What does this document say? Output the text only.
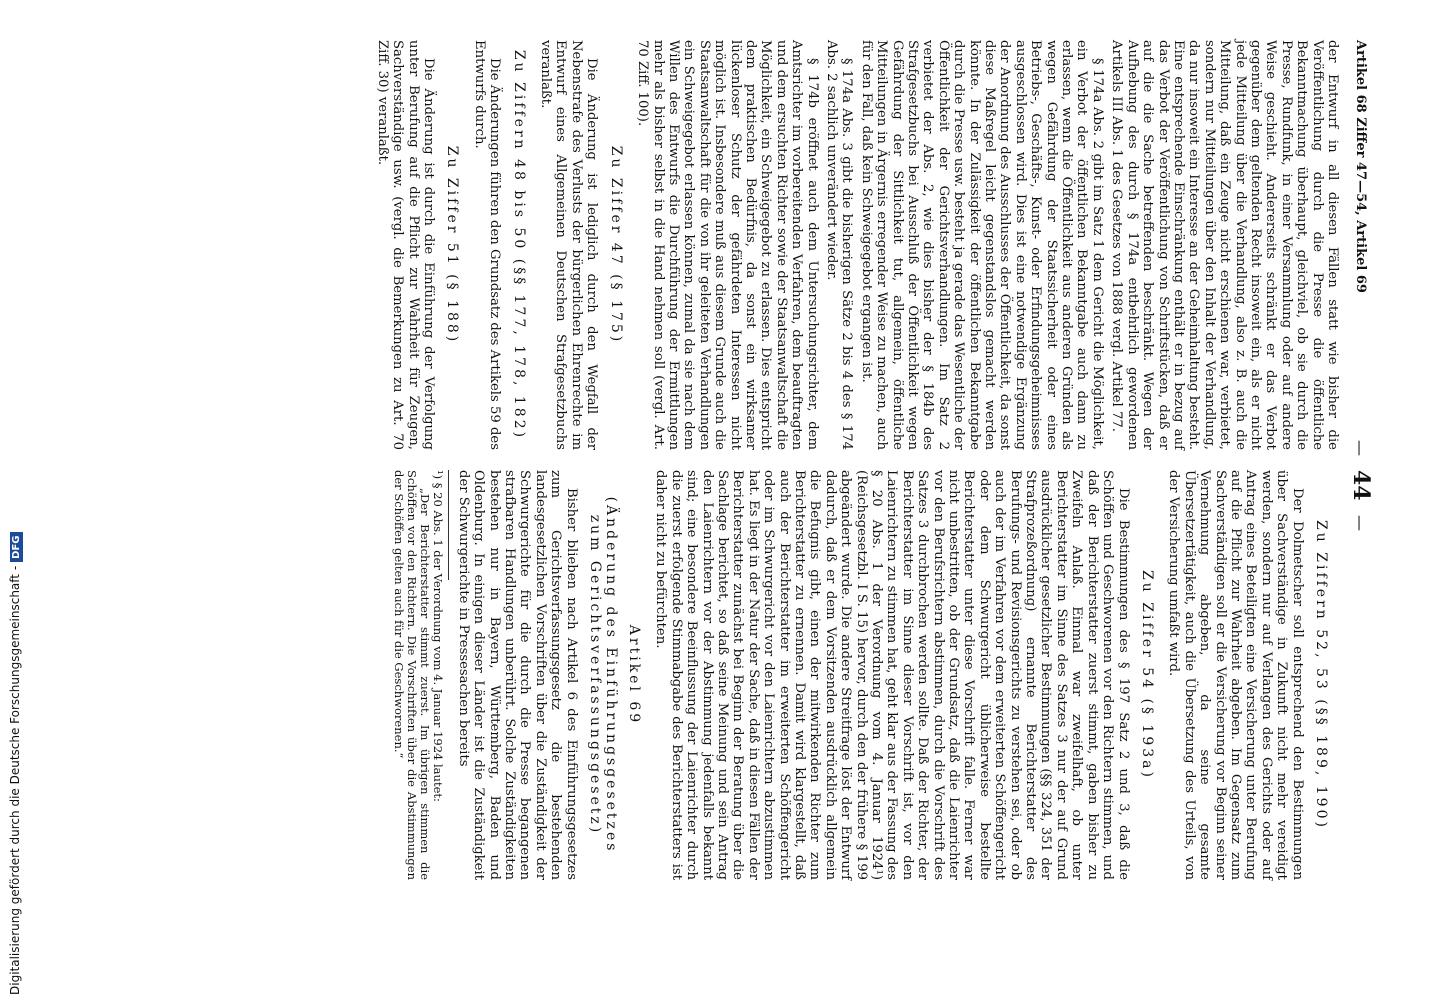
Artikel 68 Ziffer 47—54, Artikel 69
—
44
—

der Entwurf in all diesen Fällen statt wie bisher die Veröffentlichung durch die Presse die öffentliche Bekanntmachung überhaupt, gleichviel, ob sie durch die Presse, Rundfunk, in einer Versammlung oder auf andere Weise geschieht. Andererseits schränkt er das Verbot gegenüber dem geltenden Recht insoweit ein, als er nicht jede Mitteilung über die Verhandlung, also z. B. auch die Mitteilung, daß ein Zeuge nicht erschienen war, verbietet, sondern nur Mitteilungen über den Inhalt der Verhandlung, da nur insoweit ein Interesse an der Geheimhaltung besteht. Eine entsprechende Einschränkung enthält er in bezug auf das Verbot der Veröffentlichung von Schriftstücken, daß er auf die die Sache betreffenden beschränkt. Wegen der Aufhebung des durch § 174a entbehrlich gewordenen Artikels III Abs. 1 des Gesetzes von 1888 vergl. Artikel 77.

§ 174a Abs. 2 gibt im Satz 1 dem Gericht die Möglichkeit, ein Verbot der öffentlichen Bekanntgabe auch dann zu erlassen, wenn die Öffentlichkeit aus anderen Gründen als wegen Gefährdung der Staatssicherheit oder eines Betriebs-, Geschäfts-, Kunst- oder Erfindungsgeheimnisses ausgeschlossen wird. Dies ist eine notwendige Ergänzung der Anordnung des Ausschlusses der Öffentlichkeit, da sonst diese Maßregel leicht gegenstandslos gemacht werden könnte. In der Zulässigkeit der öffentlichen Bekanntgabe durch die Presse usw. besteht ja gerade das Wesentliche der Öffentlichkeit der Gerichtsverhandlungen. Im Satz 2 verbietet der Abs. 2, wie dies bisher der § 184b des Strafgesetzbuchs bei Ausschluß der Öffentlichkeit wegen Gefährdung der Sittlichkeit tut, allgemein, öffentliche Mitteilungen in Ärgernis erregender Weise zu machen, auch für den Fall, daß kein Schweigegebot ergangen ist.

§ 174a Abs. 3 gibt die bisherigen Sätze 2 bis 4 des § 174 Abs. 2 sachlich unverändert wieder.

§ 174b eröffnet auch dem Untersuchungsrichter, dem Amtsrichter im vorbereitenden Verfahren, dem beauftragten und dem ersuchten Richter sowie der Staatsanwaltschaft die Möglichkeit, ein Schweigegebot zu erlassen. Dies entspricht dem praktischen Bedürfnis, da sonst ein wirksamer lückenloser Schutz der gefährdeten Interessen nicht möglich ist. Insbesondere muß aus diesem Grunde auch die Staatsanwaltschaft für die von ihr geleiteten Verhandlungen ein Schweigegebot erlassen können, zumal da sie nach dem Willen des Entwurfs die Durchführung der Ermittlungen mehr als bisher selbst in die Hand nehmen soll (vergl. Art. 70 Ziff. 100).

Zu Ziffer 47 (§ 175)

Die Änderung ist lediglich durch den Wegfall der Nebenstrafe des Verlusts der bürgerlichen Ehrenrechte im Entwurf eines Allgemeinen Deutschen Strafgesetzbuchs veranlaßt.

Zu Ziffern 48 bis 50 (§§ 177, 178, 182)

Die Änderungen führen den Grundsatz des Artikels 59 des Entwurfs durch.

Zu Ziffer 51 (§ 188)

Die Änderung ist durch die Einführung der Verfolgung unter Berufung auf die Pflicht zur Wahrheit für Zeugen, Sachverständige usw. (vergl. die Bemerkungen zu Art. 70 Ziff. 30) veranlaßt.

Zu Ziffern 52, 53 (§§ 189, 190)

Der Dolmetscher soll entsprechend den Bestimmungen über Sachverständige in Zukunft nicht mehr vereidigt werden, sondern nur auf Verlangen des Gerichts oder auf Antrag eines Beteiligten eine Versicherung unter Berufung auf die Pflicht zur Wahrheit abgeben. Im Gegensatz zum Sachverständigen soll er die Versicherung vor Beginn seiner Vernehmung abgeben, da seine gesamte Übersetzertätigkeit, auch die Übersetzung des Urteils, von der Versicherung umfaßt wird.

Zu Ziffer 54 (§ 193a)

Die Bestimmungen des § 197 Satz 2 und 3, daß die Schöffen und Geschworenen vor den Richtern stimmen, und daß der Berichterstatter zuerst stimmt, gaben bisher zu Zweifeln Anlaß. Einmal war zweifelhaft, ob unter Berichterstatter im Sinne des Satzes 3 nur der auf Grund ausdrücklicher gesetzlicher Bestimmungen (§§ 324, 351 der Strafprozeßordnung) ernannte Berichterstatter des Berufungs- und Revisionsgerichts zu verstehen sei, oder ob auch der im Verfahren vor dem erweiterten Schöffengericht oder dem Schwurgericht üblicherweise bestellte Berichterstatter unter diese Vorschrift falle. Ferner war nicht unbestritten, ob der Grundsatz, daß die Laienrichter vor den Berufsrichtern abstimmen, durch die Vorschrift des Satzes 3 durchbrochen werden sollte. Daß der Richter, der Berichterstatter im Sinne dieser Vorschrift ist, vor den Laienrichtern zu stimmen hat, geht klar aus der Fassung des § 20 Abs. 1 der Verordnung vom 4. Januar 1924¹) (Reichsgesetzbl. I S. 15) hervor, durch den der frühere § 199 abgeändert wurde. Die andere Streitfrage löst der Entwurf dadurch, daß er dem Vorsitzenden ausdrücklich allgemein die Befugnis gibt, einen der mitwirkenden Richter zum Berichterstatter zu ernennen. Damit wird klargestellt, daß auch der Berichterstatter im erweiterten Schöffengericht oder im Schwurgericht vor den Laienrichtern abzustimmen hat. Es liegt in der Natur der Sache, daß in diesen Fällen der Berichterstatter zunächst bei Beginn der Beratung über die Sachlage berichtet, so daß seine Meinung und sein Antrag den Laienrichtern vor der Abstimmung jedenfalls bekannt sind; eine besondere Beeinflussung der Laienrichter durch die zuerst erfolgende Stimmabgabe des Berichterstatters ist daher nicht zu befürchten.

Artikel 69
(Änderung des Einführungsgesetzes
zum Gerichtsverfassungsgesetz)

Bisher blieben nach Artikel 6 des Einführungsgesetzes zum Gerichtsverfassungsgesetz die bestehenden landesgesetzlichen Vorschriften über die Zuständigkeit der Schwurgerichte für die durch die Presse begangenen strafbaren Handlungen unberührt. Solche Zuständigkeiten bestehen nur in Bayern, Württemberg, Baden und Oldenburg. In einigen dieser Länder ist die Zuständigkeit der Schwurgerichte in Pressesachen bereits

¹) § 20 Abs. 1 der Verordnung vom 4. Januar 1924 lautet:
„Der Berichterstatter stimmt zuerst. Im übrigen stimmen die Schöffen vor den Richtern. Die Vorschriften über die Abstimmungen der Schöffen gelten auch für die Geschworenen.“
Digitalisierung gefördert durch die Deutsche Forschungsgemeinschaft -DFG
